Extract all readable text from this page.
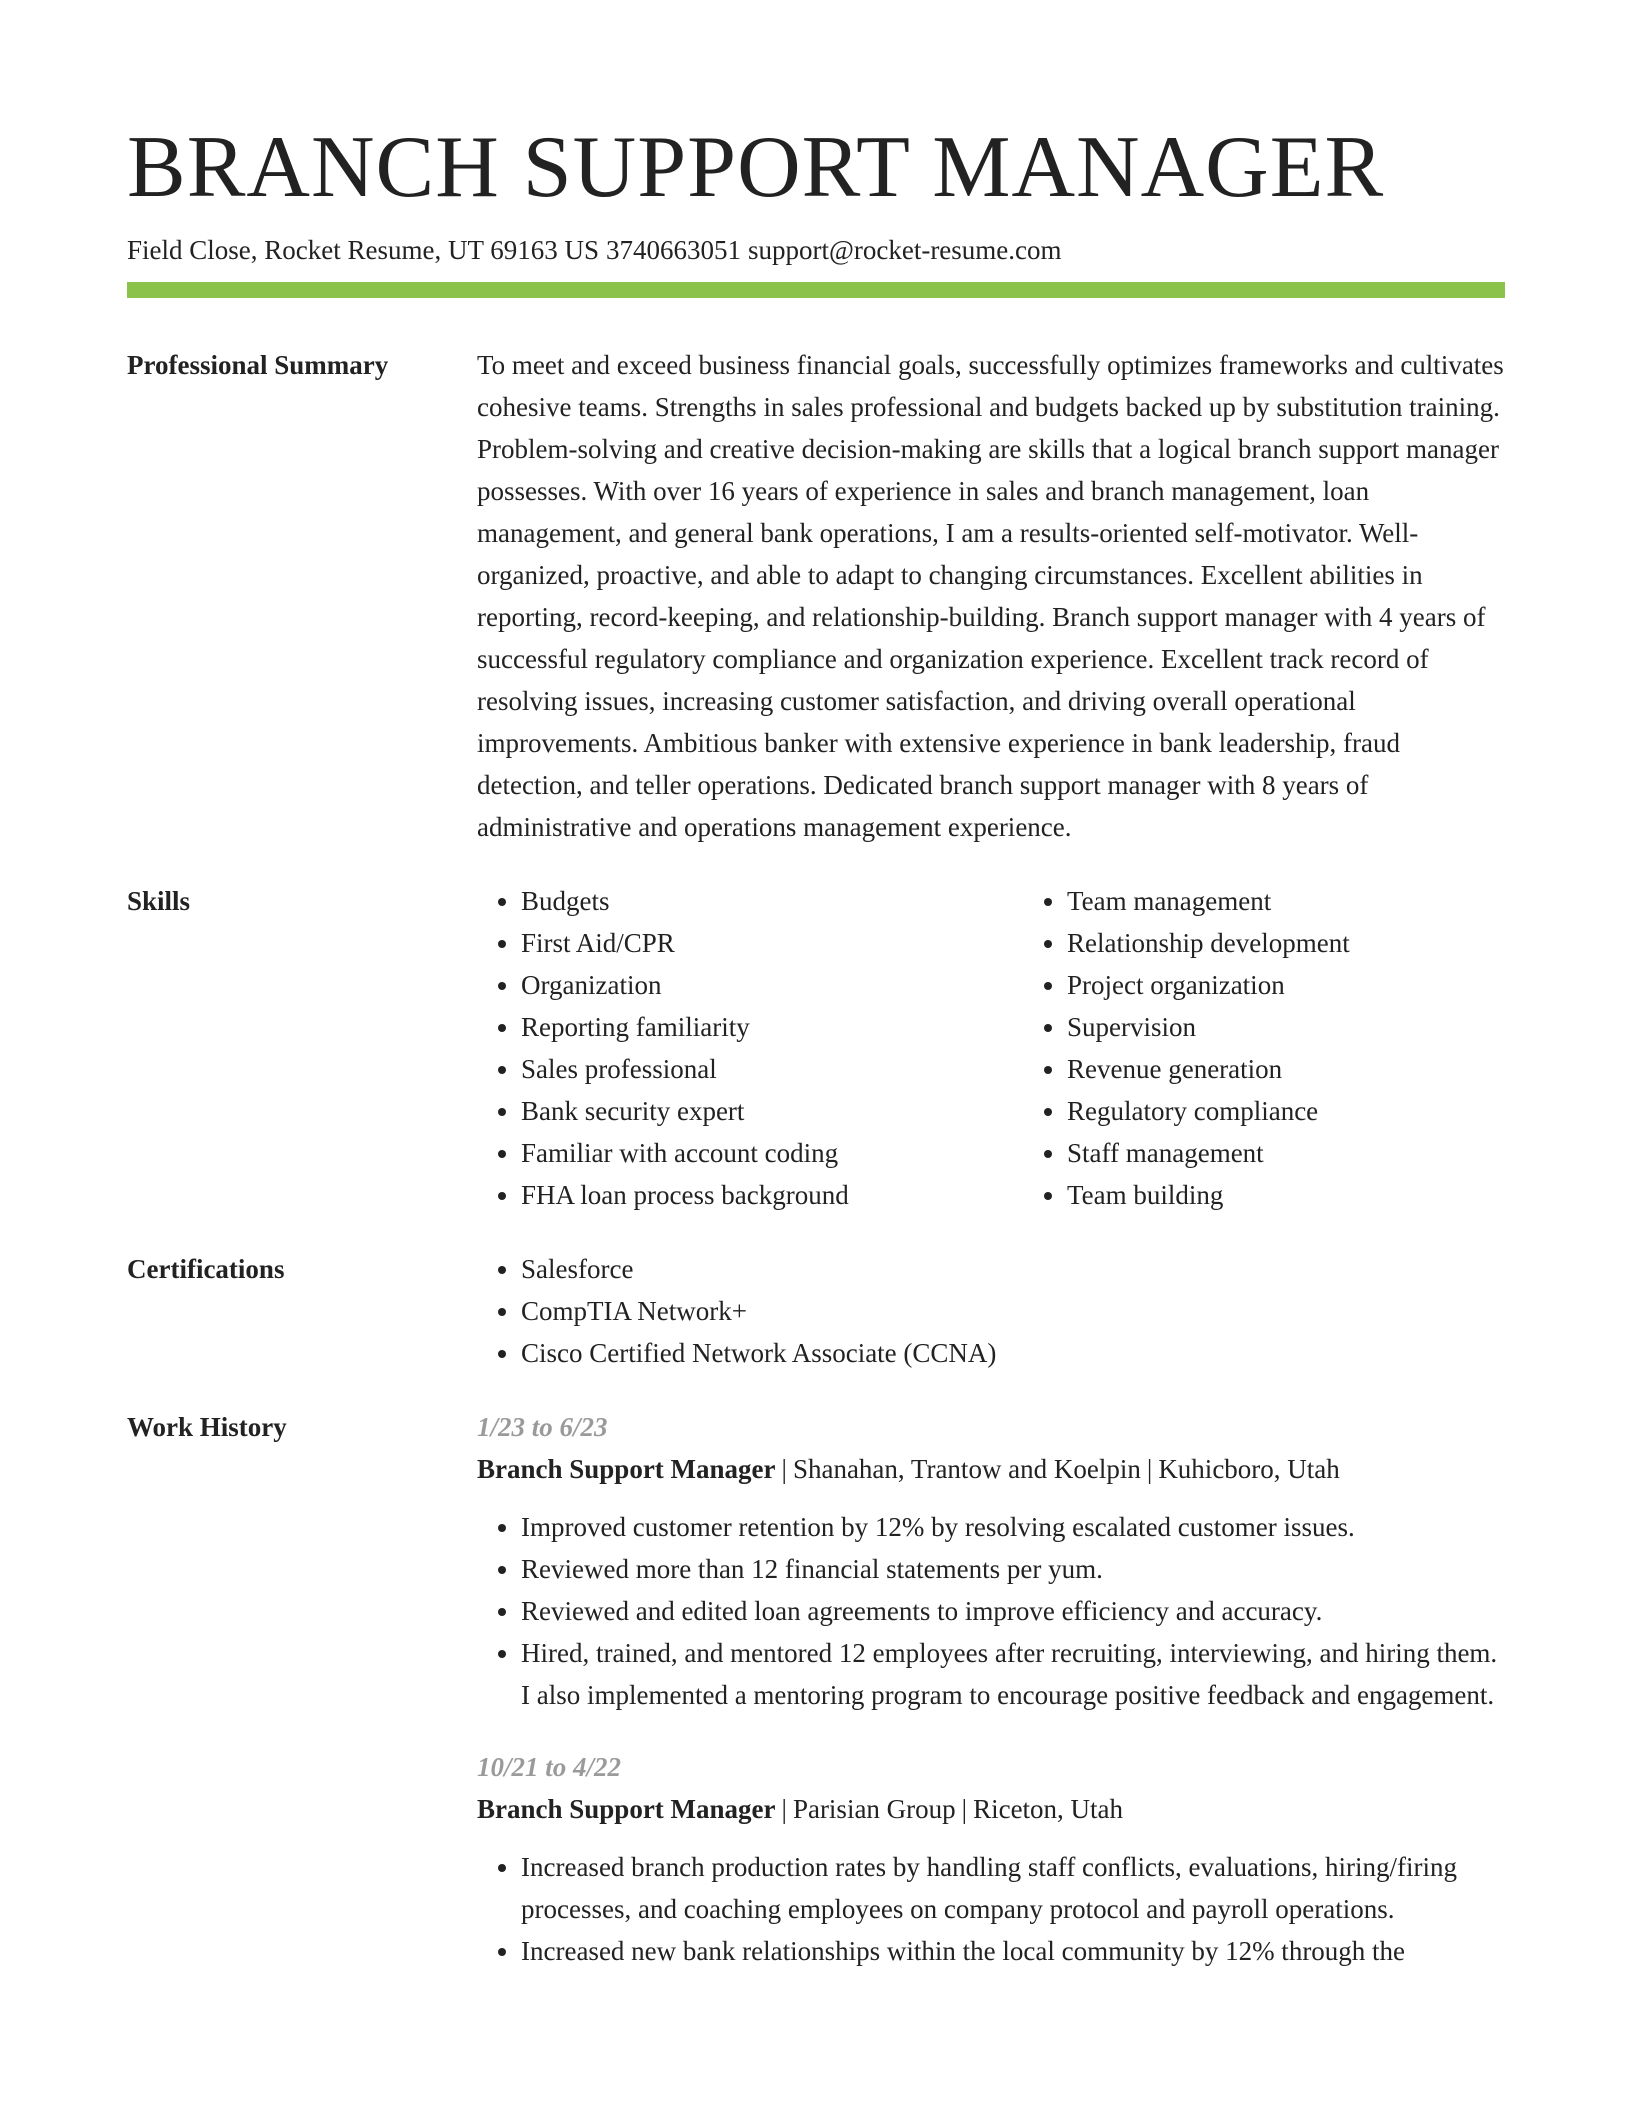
BRANCH SUPPORT MANAGER
Field Close, Rocket Resume, UT 69163 US 3740663051 support@rocket-resume.com
Professional Summary	To meet and exceed business financial goals, successfully optimizes frameworks and cultivates cohesive teams. Strengths in sales professional and budgets backed up by substitution training. Problem-solving and creative decision-making are skills that a logical branch support manager possesses. With over 16 years of experience in sales and branch management, loan management, and general bank operations, I am a results-oriented self-motivator. Well-organized, proactive, and able to adapt to changing circumstances. Excellent abilities in reporting, record-keeping, and relationship-building. Branch support manager with 4 years of successful regulatory compliance and organization experience. Excellent track record of resolving issues, increasing customer satisfaction, and driving overall operational improvements. Ambitious banker with extensive experience in bank leadership, fraud detection, and teller operations. Dedicated branch support manager with 8 years of administrative and operations management experience.

Skills	• Budgets
• First Aid/CPR
• Organization
• Reporting familiarity
• Sales professional
• Bank security expert
• Familiar with account coding
• FHA loan process background
• Team management
• Relationship development
• Project organization
• Supervision
• Revenue generation
• Regulatory compliance
• Staff management
• Team building
Certifications	• Salesforce
• CompTIA Network+
• Cisco Certified Network Associate (CCNA)
Work History	1/23 to 6/23
Branch Support Manager | Shanahan, Trantow and Koelpin | Kuhicboro, Utah
• Improved customer retention by 12% by resolving escalated customer issues.
• Reviewed more than 12 financial statements per yum.
• Reviewed and edited loan agreements to improve efficiency and accuracy.
• Hired, trained, and mentored 12 employees after recruiting, interviewing, and hiring them. I also implemented a mentoring program to encourage positive feedback and engagement.
10/21 to 4/22
Branch Support Manager | Parisian Group | Riceton, Utah
• Increased branch production rates by handling staff conflicts, evaluations, hiring/firing processes, and coaching employees on company protocol and payroll operations.
• Increased new bank relationships within the local community by 12% through the
